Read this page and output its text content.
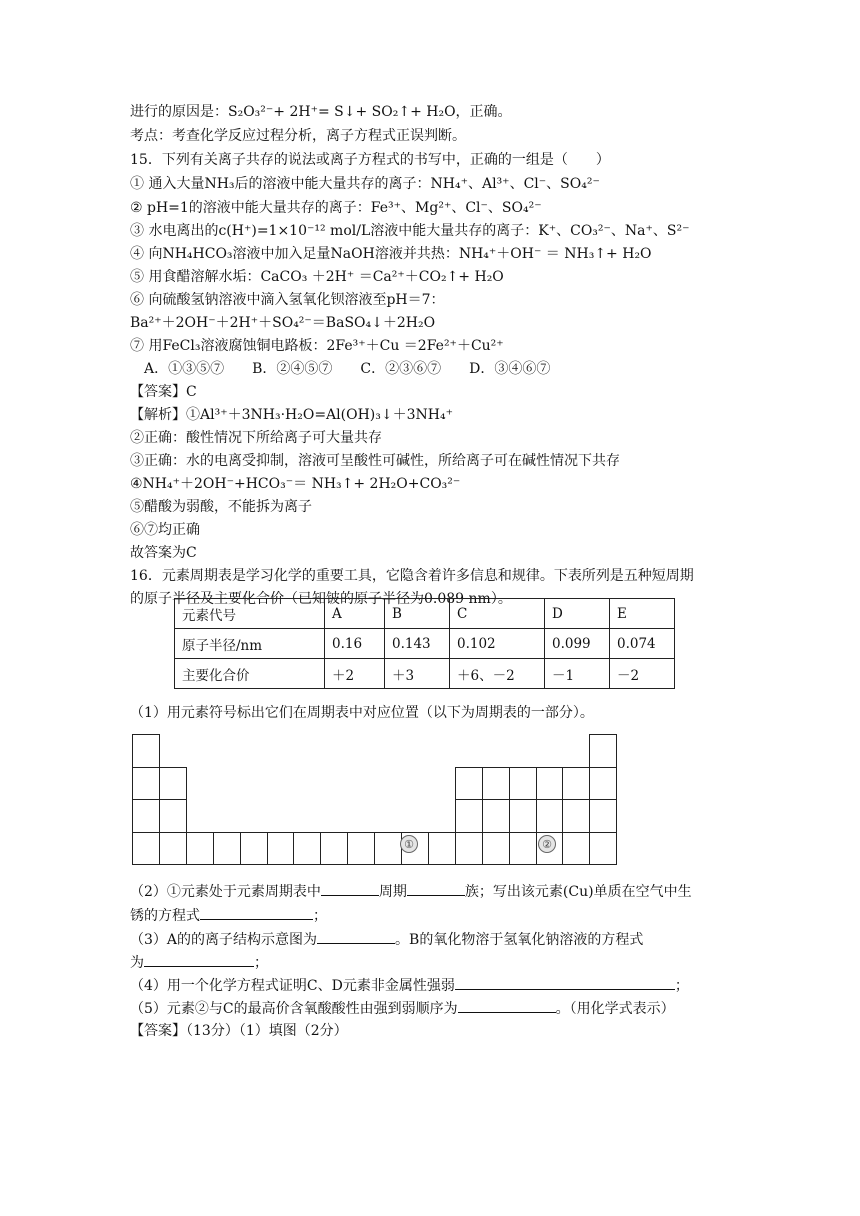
进行的原因是：S₂O₃²⁻+ 2H⁺= S↓+ SO₂↑+ H₂O，正确。
考点：考查化学反应过程分析，离子方程式正误判断。
15．下列有关离子共存的说法或离子方程式的书写中，正确的一组是（　　）
① 通入大量NH₃后的溶液中能大量共存的离子：NH₄⁺、Al³⁺、Cl⁻、SO₄²⁻
② pH=1的溶液中能大量共存的离子：Fe³⁺、Mg²⁺、Cl⁻、SO₄²⁻
③ 水电离出的c(H⁺)=1×10⁻¹² mol/L溶液中能大量共存的离子：K⁺、CO₃²⁻、Na⁺、S²⁻
④ 向NH₄HCO₃溶液中加入足量NaOH溶液并共热：NH₄⁺＋OH⁻ ＝ NH₃↑+ H₂O
⑤ 用食醋溶解水垢：CaCO₃ ＋2H⁺ ＝Ca²⁺＋CO₂↑+ H₂O
⑥ 向硫酸氢钠溶液中滴入氢氧化钡溶液至pH＝7：
Ba²⁺＋2OH⁻＋2H⁺＋SO₄²⁻＝BaSO₄↓＋2H₂O
⑦ 用FeCl₃溶液腐蚀铜电路板：2Fe³⁺＋Cu ＝2Fe²⁺＋Cu²⁺
　A．①③⑤⑦　　B．②④⑤⑦　　C．②③⑥⑦　　D．③④⑥⑦
【答案】C
【解析】①Al³⁺＋3NH₃·H₂O=Al(OH)₃↓＋3NH₄⁺
②正确：酸性情况下所给离子可大量共存
③正确：水的电离受抑制，溶液可呈酸性可碱性，所给离子可在碱性情况下共存
④NH₄⁺＋2OH⁻+HCO₃⁻＝ NH₃↑+ 2H₂O+CO₃²⁻
⑤醋酸为弱酸，不能拆为离子
⑥⑦均正确
故答案为C
16．元素周期表是学习化学的重要工具，它隐含着许多信息和规律。下表所列是五种短周期
的原子半径及主要化合价（已知铍的原子半径为0.089 nm）。
元素代号	A	B	C	D	E
原子半径/nm	0.16	0.143	0.102	0.099	0.074
主要化合价	＋2	＋3	＋6、－2	－1	－2
（1）用元素符号标出它们在周期表中对应位置（以下为周期表的一部分）。
①	②
（2）①元素处于元素周期表中	周期	族；写出该元素(Cu)单质在空气中生
锈的方程式	；
（3）A的的离子结构示意图为	。B的氧化物溶于氢氧化钠溶液的方程式
为	；
（4）用一个化学方程式证明C、D元素非金属性强弱	；
（5）元素②与C的最高价含氧酸酸性由强到弱顺序为	。（用化学式表示）
【答案】（13分）（1）填图（2分）
